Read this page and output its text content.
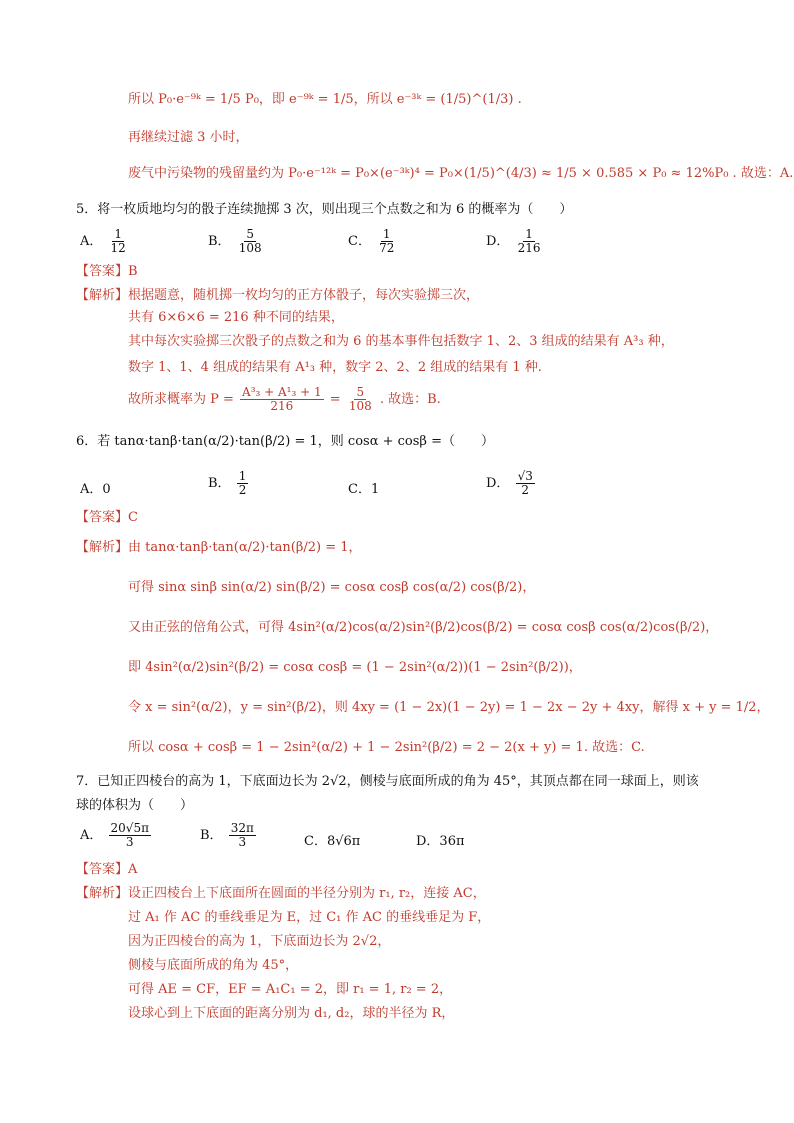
所以 P₀·e⁻⁹ᵏ = 1/5 P₀，即 e⁻⁹ᵏ = 1/5，所以 e⁻³ᵏ = (1/5)^(1/3) .
再继续过滤 3 小时，
废气中污染物的残留量约为 P₀·e⁻¹²ᵏ = P₀×(e⁻³ᵏ)⁴ = P₀×(1/5)^(4/3) ≈ 1/5 × 0.585 × P₀ ≈ 12%P₀ . 故选：A.
5．将一枚质地均匀的骰子连续抛掷 3 次，则出现三个点数之和为 6 的概率为（　　）
A． $\frac{1}{12}$	B． $\frac{5}{108}$	C． $\frac{1}{72}$	D． $\frac{1}{216}$
【答案】B
【解析】根据题意，随机掷一枚均匀的正方体骰子，每次实验掷三次，
共有 6×6×6 = 216 种不同的结果，
其中每次实验掷三次骰子的点数之和为 6 的基本事件包括数字 1、2、3 组成的结果有 A³₃ 种，
数字 1、1、4 组成的结果有 A¹₃ 种，数字 2、2、2 组成的结果有 1 种.
故所求概率为 $P = \frac{\text{A³₃ + A¹₃ + 1}}{216} = \frac{5}{108}$ . 故选：B.
6．若 tanα·tanβ·tan(α/2)·tan(β/2) = 1，则 cosα + cosβ =（　　）
A．0	B． $\frac{1}{2}$	C．1	D． $\frac{√3}{2}$
【答案】C
【解析】由 tanα·tanβ·tan(α/2)·tan(β/2) = 1，
可得 sinα sinβ sin(α/2) sin(β/2) = cosα cosβ cos(α/2) cos(β/2)，
又由正弦的倍角公式，可得 4sin²(α/2)cos(α/2)sin²(β/2)cos(β/2) = cosα cosβ cos(α/2)cos(β/2)，
即 4sin²(α/2)sin²(β/2) = cosα cosβ = (1 − 2sin²(α/2))(1 − 2sin²(β/2))，
令 x = sin²(α/2)，y = sin²(β/2)，则 4xy = (1 − 2x)(1 − 2y) = 1 − 2x − 2y + 4xy，解得 x + y = 1/2，
所以 cosα + cosβ = 1 − 2sin²(α/2) + 1 − 2sin²(β/2) = 2 − 2(x + y) = 1. 故选：C.
7．已知正四棱台的高为 1，下底面边长为 2√2，侧棱与底面所成的角为 45°，其顶点都在同一球面上，则该
球的体积为（　　）
A． $\frac{20√5\pi}{3}$	B． $\frac{32\pi}{3}$	C．8√6π	D．36π
【答案】A
【解析】设正四棱台上下底面所在圆面的半径分别为 r₁, r₂，连接 AC，
过 A₁ 作 AC 的垂线垂足为 E，过 C₁ 作 AC 的垂线垂足为 F，
因为正四棱台的高为 1，下底面边长为 2√2，
侧棱与底面所成的角为 45°，
可得 AE = CF，EF = A₁C₁ = 2，即 r₁ = 1, r₂ = 2，
设球心到上下底面的距离分别为 d₁, d₂，球的半径为 R，
